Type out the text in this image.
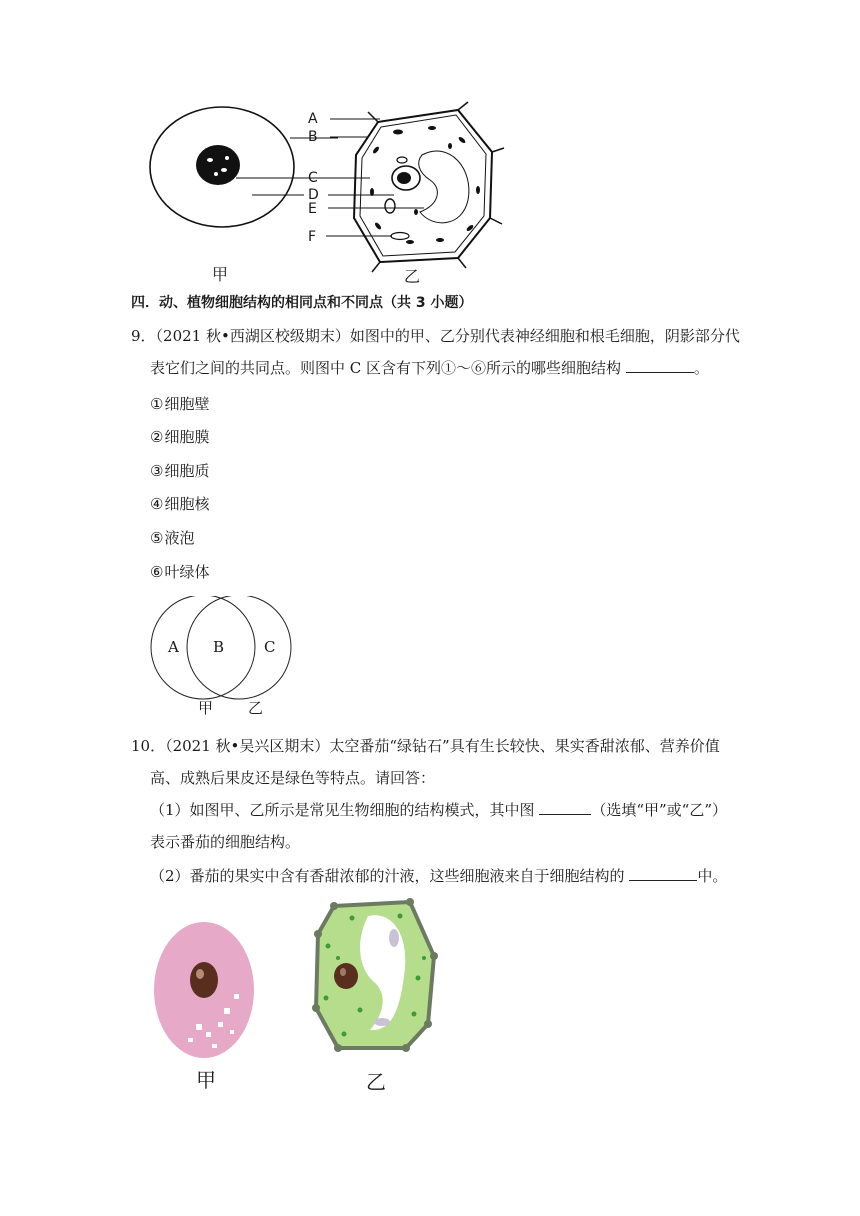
A
B
C
D
E
F
甲	乙
四．动、植物细胞结构的相同点和不同点（共 3 小题）
9．（2021 秋•西湖区校级期末）如图中的甲、乙分别代表神经细胞和根毛细胞，阴影部分代
表它们之间的共同点。则图中 C 区含有下列①～⑥所示的哪些细胞结构	。
①细胞壁
②细胞膜
③细胞质
④细胞核
⑤液泡
⑥叶绿体
A B	C
甲 乙
10．（2021 秋•吴兴区期末）太空番茄“绿钻石”具有生长较快、果实香甜浓郁、营养价值
高、成熟后果皮还是绿色等特点。请回答：
（1）如图甲、乙所示是常见生物细胞的结构模式，其中图	（选填“甲”或“乙”）
表示番茄的细胞结构。
（2）番茄的果实中含有香甜浓郁的汁液，这些细胞液来自于细胞结构的	中。
甲	乙
